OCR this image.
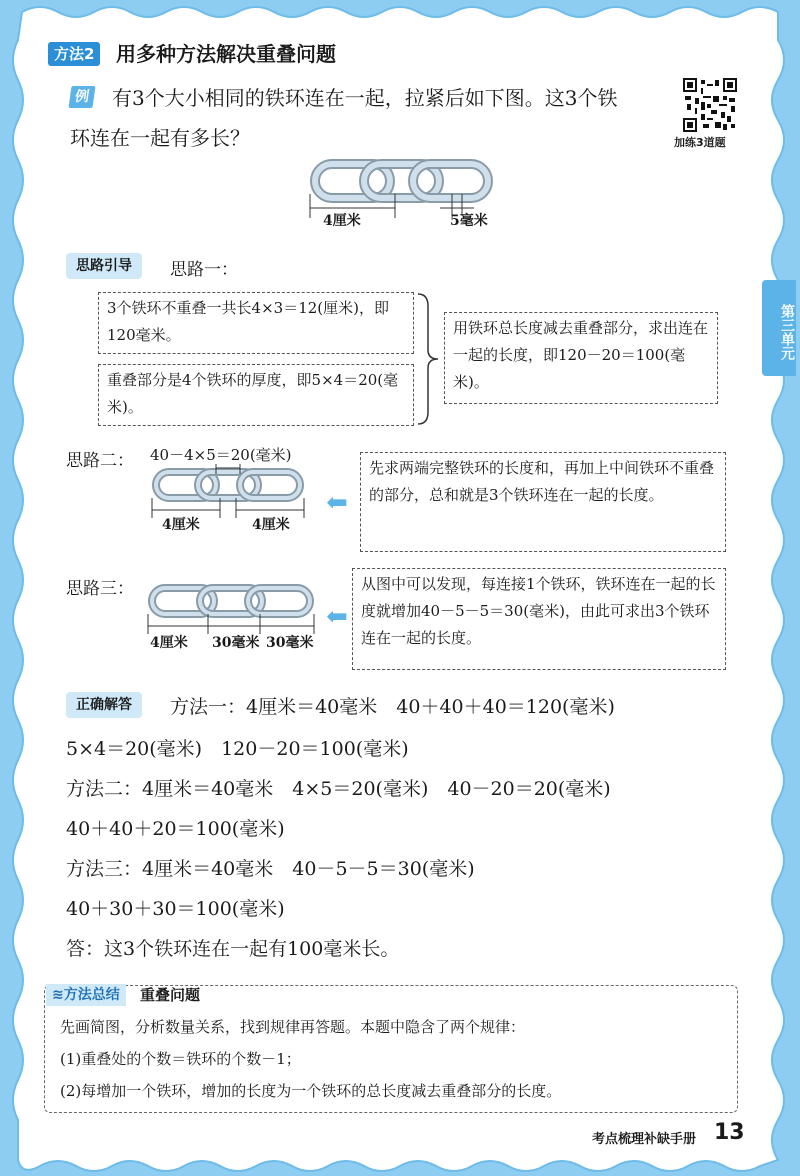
第三单元
方法2	用多种方法解决重叠问题
例 有3个大小相同的铁环连在一起，拉紧后如下图。这3个铁
环连在一起有多长？	加练3道题
4厘米	5毫米
思路引导	思路一：
3个铁环不重叠一共长4×3＝12(厘米)，即120毫米。
重叠部分是4个铁环的厚度，即5×4＝20(毫米)。
用铁环总长度减去重叠部分，求出连在一起的长度，即120－20＝100(毫米)。
思路二： 40－4×5＝20(毫米)
4厘米	4厘米
⬅
先求两端完整铁环的长度和，再加上中间铁环不重叠的部分，总和就是3个铁环连在一起的长度。
思路三：
4厘米 30毫米 30毫米
⬅
从图中可以发现，每连接1个铁环，铁环连在一起的长度就增加40－5－5＝30(毫米)，由此可求出3个铁环连在一起的长度。
正确解答	方法一：4厘米＝40毫米　40＋40＋40＝120(毫米)
5×4＝20(毫米)　120－20＝100(毫米)
方法二：4厘米＝40毫米　4×5＝20(毫米)　40－20＝20(毫米)
40＋40＋20＝100(毫米)
方法三：4厘米＝40毫米　40－5－5＝30(毫米)
40＋30＋30＝100(毫米)
答：这3个铁环连在一起有100毫米长。
≋方法总结	重叠问题
先画简图，分析数量关系，找到规律再答题。本题中隐含了两个规律：
(1)重叠处的个数＝铁环的个数－1；
(2)每增加一个铁环，增加的长度为一个铁环的总长度减去重叠部分的长度。
考点梳理补缺手册 13
